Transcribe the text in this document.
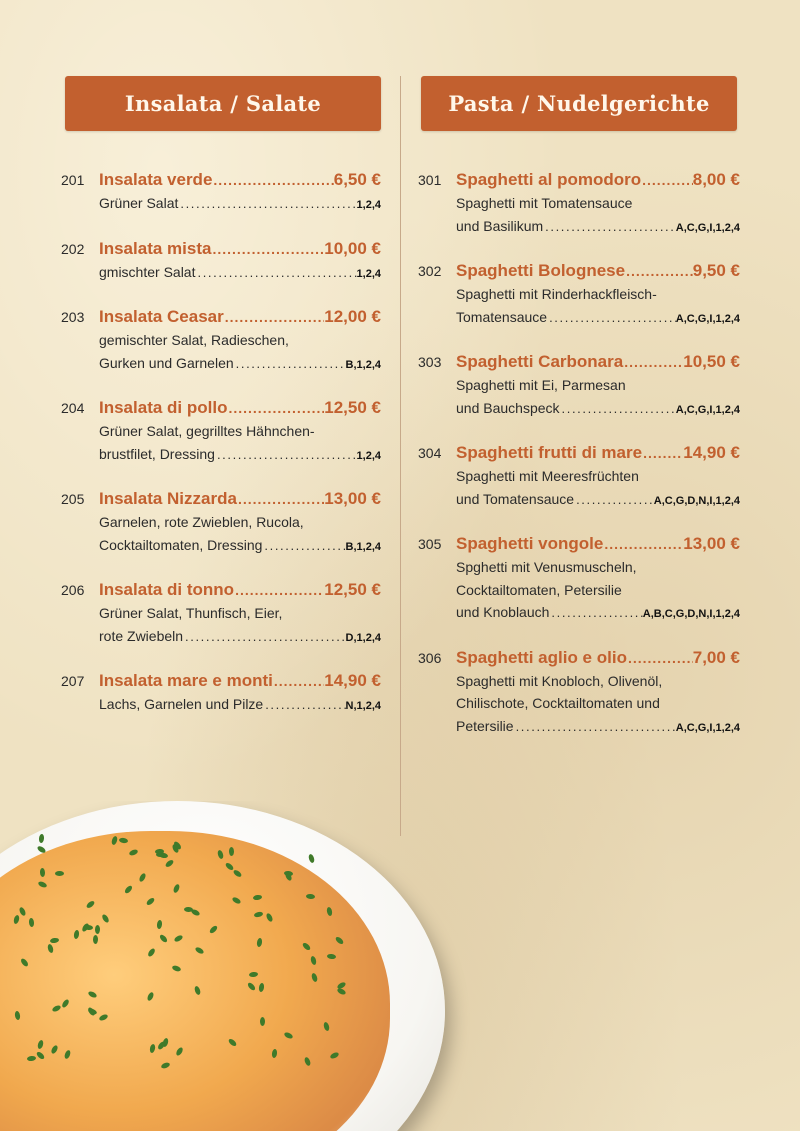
Insalata / Salate	Pasta / Nudelgerichte
201 Insalata verde .....	6,50 €
Grüner Salat .....	1,2,4
202 Insalata mista .....	10,00 €
gmischter Salat .....	1,2,4
203 Insalata Ceasar .....	12,00 €
gemischter Salat, Radieschen,
Gurken und Garnelen .....	B,1,2,4
204 Insalata di pollo .....	12,50 €
Grüner Salat, gegrilltes Hähnchen-
brustfilet, Dressing .....	1,2,4
205 Insalata Nizzarda .....	13,00 €
Garnelen, rote Zwieblen, Rucola,
Cocktailtomaten, Dressing .....	B,1,2,4
206 Insalata di tonno .....	12,50 €
Grüner Salat, Thunfisch, Eier,
rote Zwiebeln .....	D,1,2,4
207 Insalata mare e monti .....	14,90 €
Lachs, Garnelen und Pilze .....	N,1,2,4
301 Spaghetti al pomodoro .....	8,00 €
Spaghetti mit Tomatensauce
und Basilikum .....	A,C,G,I,1,2,4
302 Spaghetti Bolognese .....	9,50 €
Spaghetti mit Rinderhackfleisch-
Tomatensauce .....	A,C,G,I,1,2,4
303 Spaghetti Carbonara .....	10,50 €
Spaghetti mit Ei, Parmesan
und Bauchspeck .....	A,C,G,I,1,2,4
304 Spaghetti frutti di mare ..... 14,90 €
Spaghetti mit Meeresfrüchten
und Tomatensauce .....	A,C,G,D,N,I,1,2,4
305 Spaghetti vongole .....	13,00 €
Spghetti mit Venusmuscheln,
Cocktailtomaten, Petersilie
und Knoblauch .....	A,B,C,G,D,N,I,1,2,4
306 Spaghetti aglio e olio .....	7,00 €
Spaghetti mit Knobloch, Olivenöl,
Chilischote, Cocktailtomaten und
Petersilie .....	A,C,G,I,1,2,4
